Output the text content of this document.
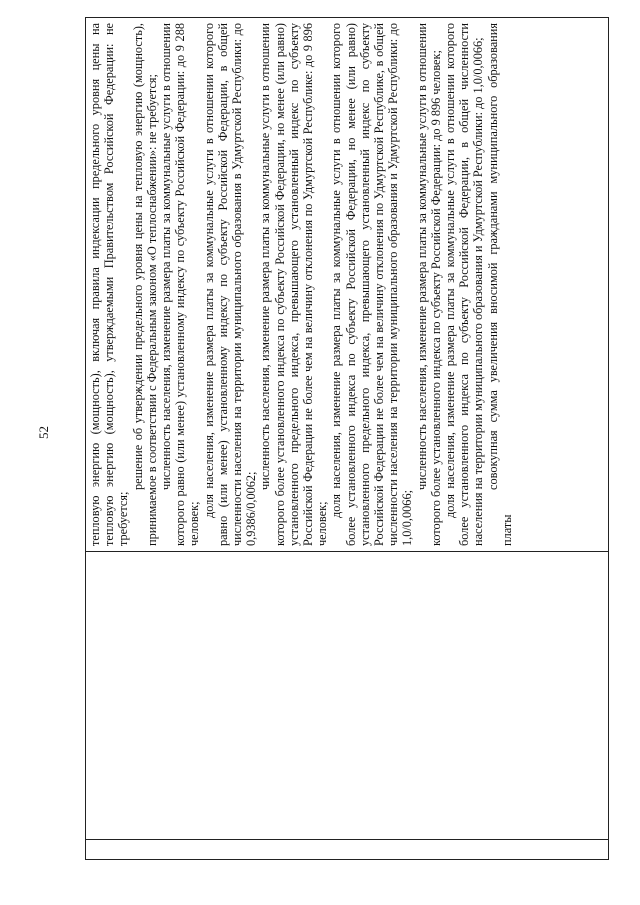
52
			тепловую энергию (мощность), включая правила индексации предельного уровня цены на тепловую энергию (мощность), утверждаемыми Правительством Российской Федерации: не требуется;

решение об утверждении предельного уровня цены на тепловую энергию (мощность), принимаемое в соответствии с Федеральным законом «О теплоснабжении»: не требуется; численность населения, изменение размера платы за коммунальные услуги в отношении которого равно (или менее) установленному индексу по субъекту Российской Федерации: до 9 288 человек;

доля населения, изменение размера платы за коммунальные услуги в отношении которого равно (или менее) установленному индексу по субъекту Российской Федерации, в общей численности населения на территории муниципального образования в Удмуртской Республики: до 0,9386/0,0062;

численность населения, изменение размера платы за коммунальные услуги в отношении которого более установленного индекса по субъекту Российской Федерации, но менее (или равно) установленного предельного индекса, превышающего установленный индекс по субъекту Российской Федерации не более чем на величину отклонения по Удмуртской Республике: до 9 896 человек;

доля населения, изменение размера платы за коммунальные услуги в отношении которого более установленного индекса по субъекту Российской Федерации, но менее (или равно) установленного предельного индекса, превышающего установленный индекс по субъекту Российской Федерации не более чем на величину отклонения по Удмуртской Республике, в общей численности населения на территории муниципального образования и Удмуртской Республики: до 1,0/0,0066;

численность населения, изменение размера платы за коммунальные услуги в отношении которого более установленного индекса по субъекту Российской Федерации: до 9 896 человек; доля населения, изменение размера платы за коммунальные услуги в отношении которого более установленного индекса по субъекту Российской Федерации, в общей численности населения на территории муниципального образования и Удмуртской Республики: до 1,0/0,0066; совокупная сумма увеличения вносимой гражданами муниципального образования платы
